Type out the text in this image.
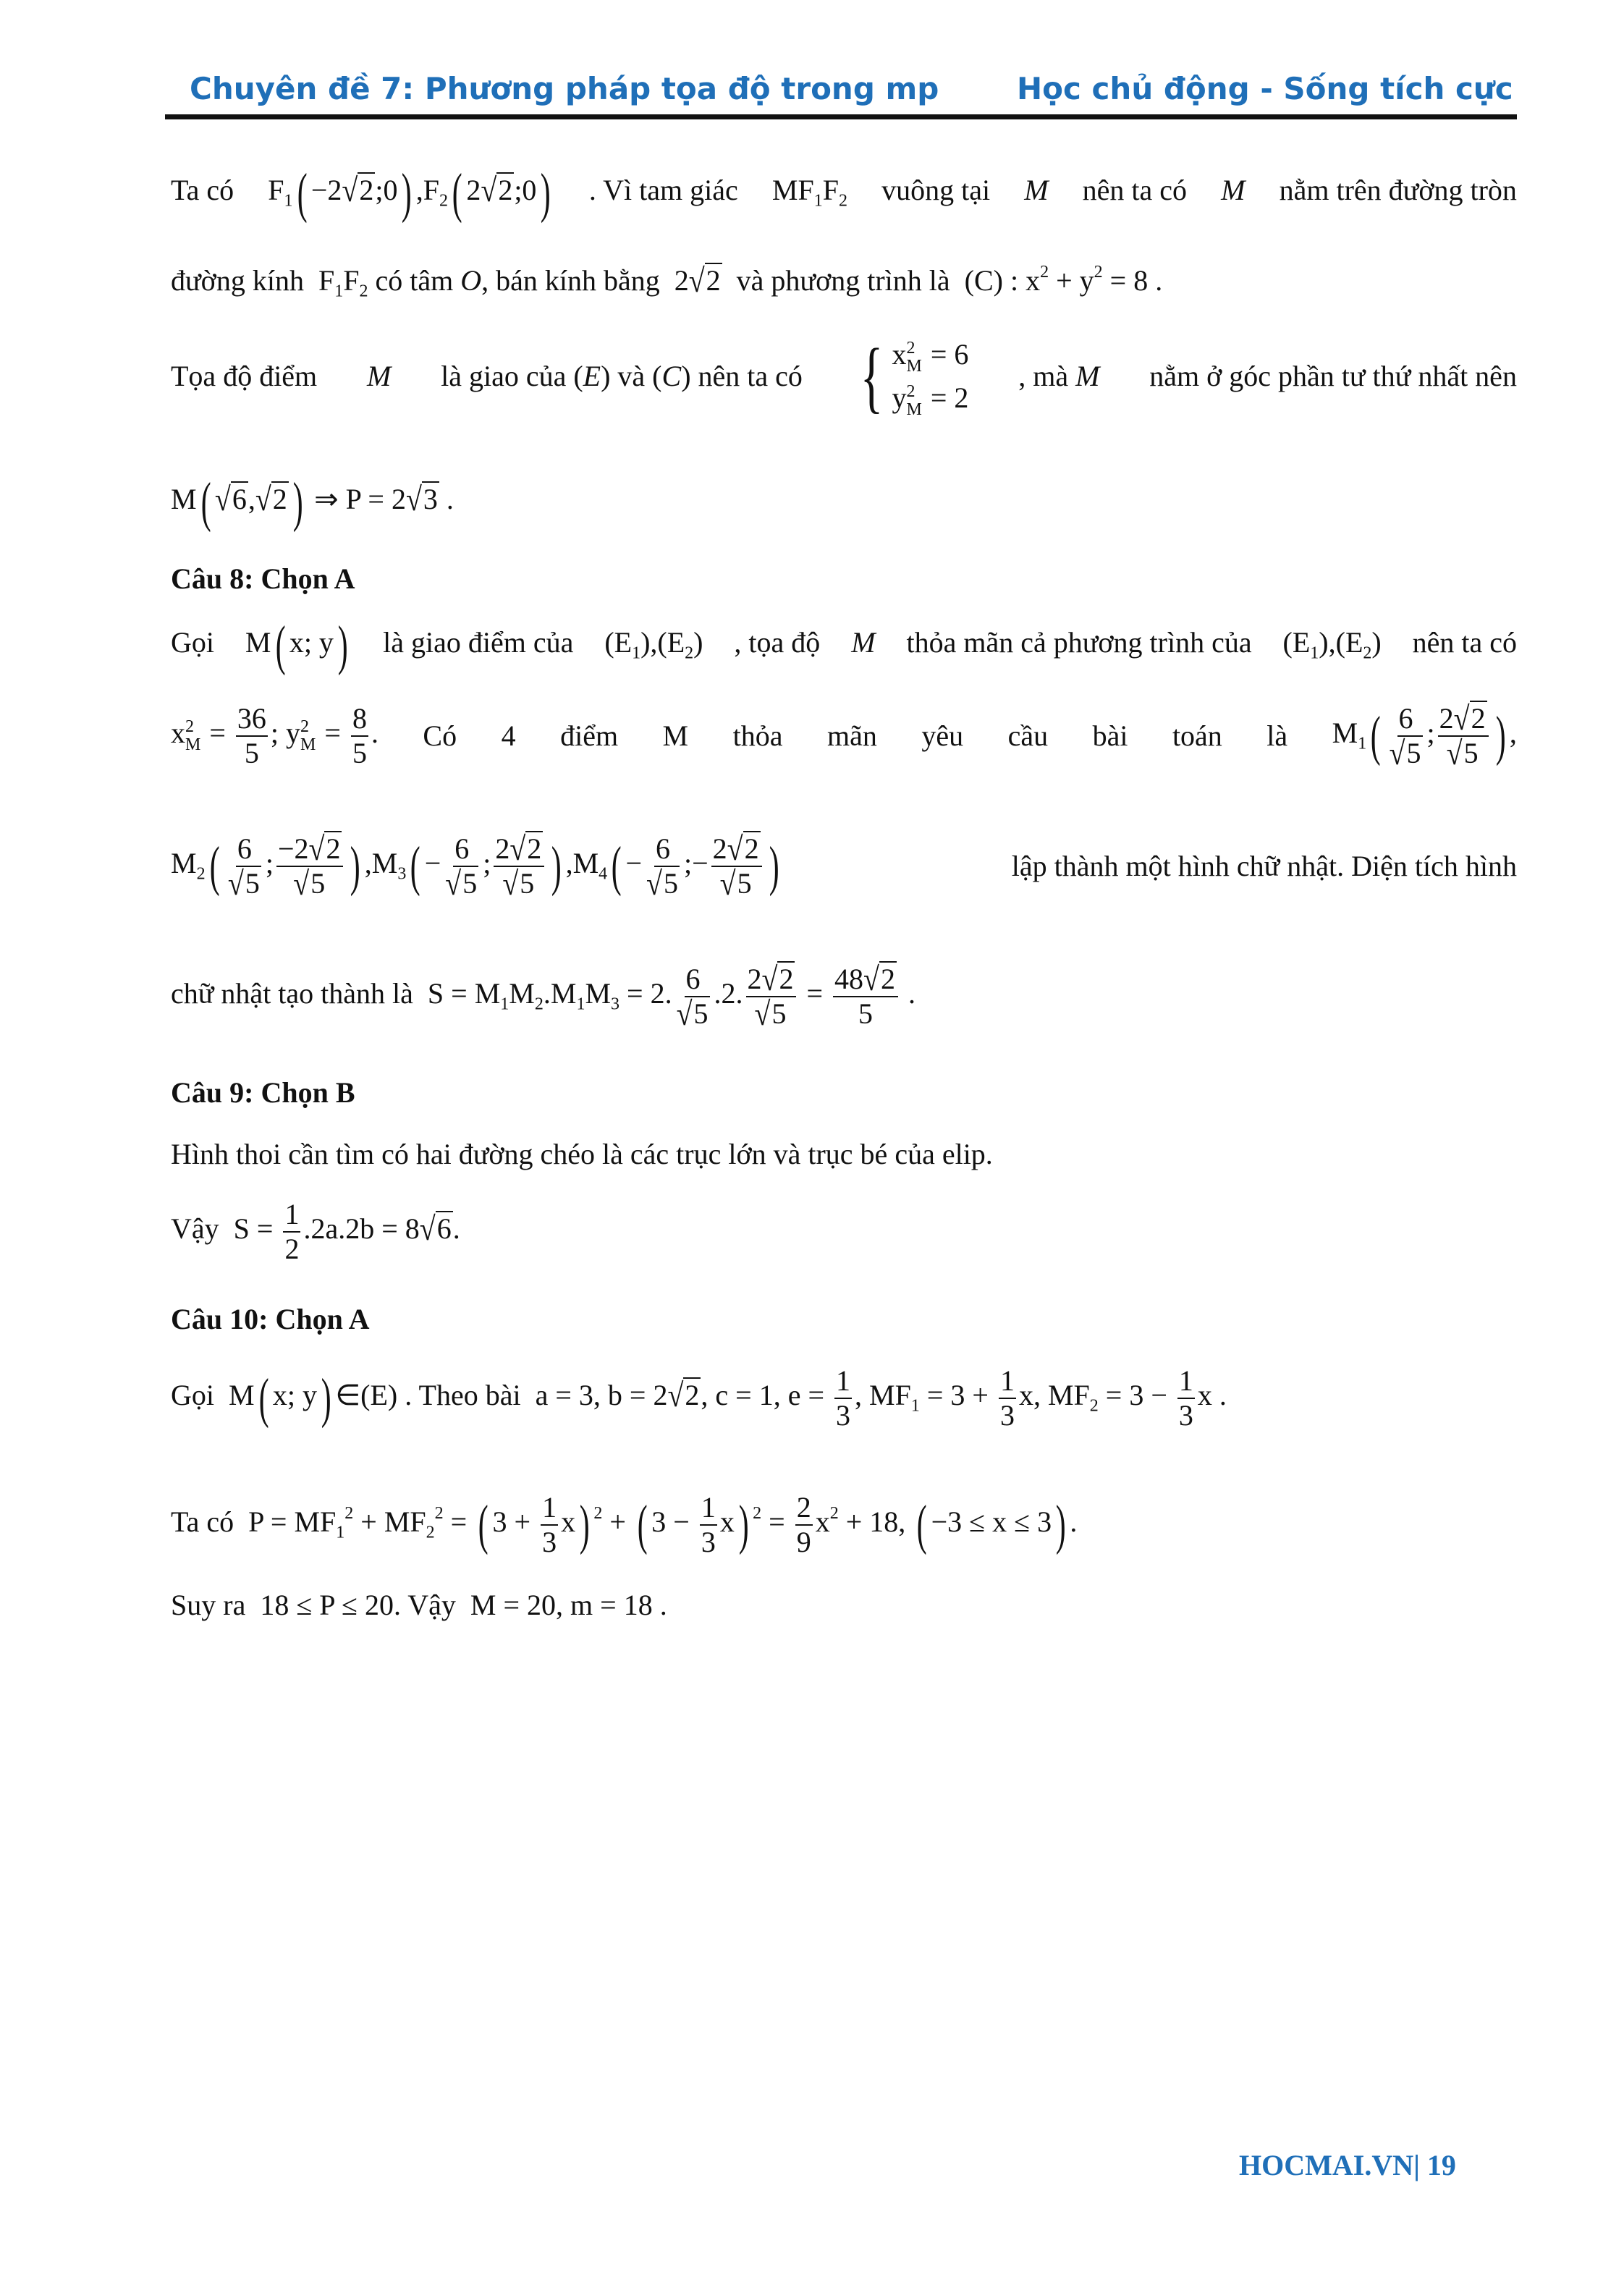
Chuyên đề 7: Phương pháp tọa độ trong mp	Học chủ động - Sống tích cực
Ta có $F_1$( −2√2;0) $,F_2$( 2√2;0) . Vì tam giác $MF_1F_2$ vuông tại M nên ta có M nằm trên đường tròn
đường kính  $F_1F_2$ có tâm O, bán kính bằng  2√2 và phương trình là  (C) : $x^2 + y^2 = 8$ .
Tọa độ điểm M là giao của (E) và (C) nên ta có { x 2
M = 6
y 2
M = 2
, mà M nằm ở góc phần tư thứ nhất nên
M( √6,√2 ) ⇒ P = 2√3 .
Câu 8: Chọn A
Gọi M( x; y) là giao điểm của $(E_1),(E_2)$ , tọa độ M thỏa mãn cả phương trình của $(E_1),(E_2)$ nên ta có
x 2
$M = \frac{36}{5}$ ; y 2
$M = \frac{8}{5}$ . Có 4 điểm M thỏa mãn yêu cầu bài toán là $M_1( \frac{6}{√5}$ ; $\frac{2√2}{√5}$ ) ,
$M_2( \frac{6}{√5}$ ; $\frac{-2√2}{√5}$ ) $,M_3( - \frac{6}{√5}$ ; $\frac{2√2}{√5}$ ) $,M_4( - \frac{6}{√5}$ ;− $\frac{2√2}{√5}$ )	lập thành một hình chữ nhật. Diện tích hình
chữ nhật tạo thành là  $S = M_1M_2.M_1M_3 = 2$. $\frac{6}{√5} .2$. $\frac{2√2}{√5} = \frac{48√2}{5}$ .
Câu 9: Chọn B
Hình thoi cần tìm có hai đường chéo là các trục lớn và trục bé của elip.
Vậy  $S = \frac{1}{2} .2a.2b = 8√6$.
Câu 10: Chọn A
Gọi  M( x; y) ∈(E) . Theo bài  a = 3, b = 2√2, c = 1, $e = \frac{1}{3}$ , $MF_1 = 3 + \frac{1}{3} x$, $MF_2 = 3 - \frac{1}{3}$ x .
Ta có  $P = MF_1^2 + MF_2^2$ = ( $3 + \frac{1}{3} x$) $^2$ + ( $3 - \frac{1}{3} x$) $^2 = \frac{2}{9} x^2 + 18$, ( −3 ≤ x ≤ 3) .
Suy ra  18 ≤ P ≤ 20. Vậy  M = 20, m = 18 .
HOCMAI.VN| 19
